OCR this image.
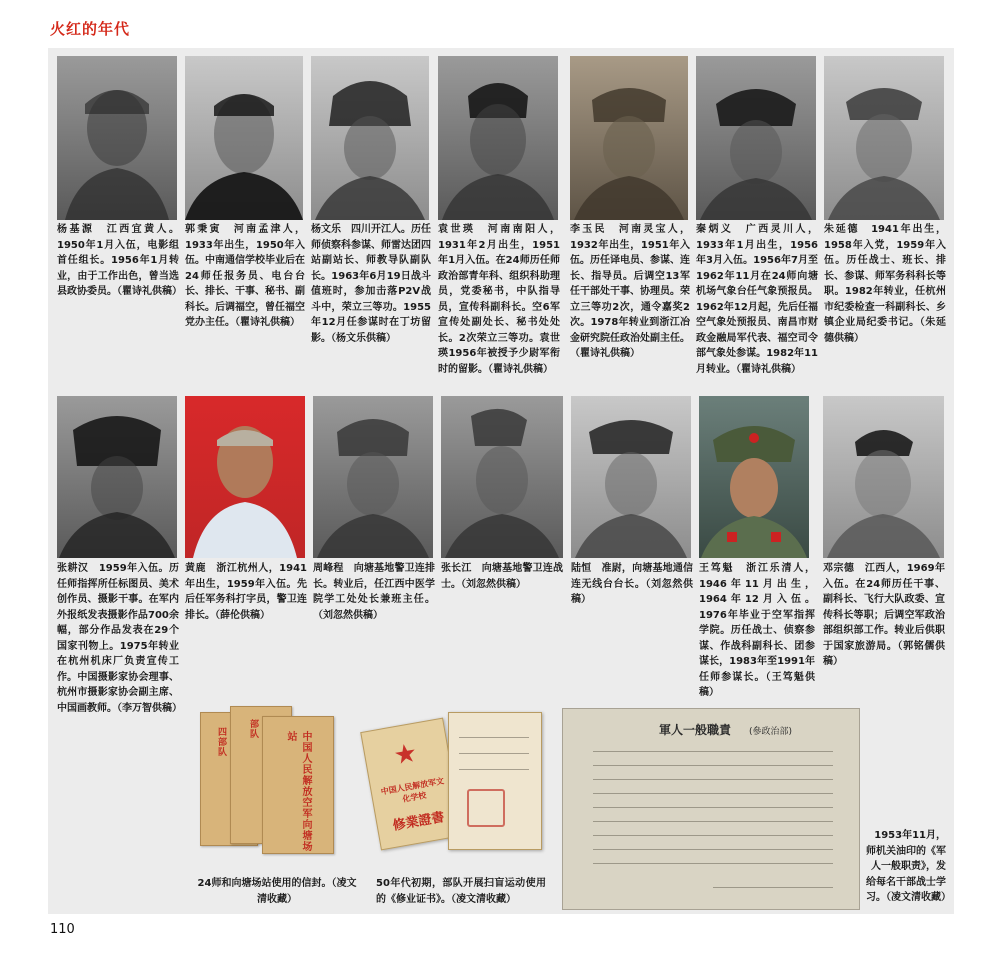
火红的年代

杨基源　江西宜黄人。1950年1月入伍，电影组首任组长。1956年1月转业，由于工作出色，曾当选县政协委员。（瞿诗礼供稿）

郭秉寅　河南孟津人，1933年出生，1950年入伍。中南通信学校毕业后在24师任报务员、电台台长、排长、干事、秘书、副科长。后调福空，曾任福空党办主任。（瞿诗礼供稿）

杨文乐　四川开江人。历任师侦察科参谋、师雷达团四站副站长、师教导队副队长。1963年6月19日战斗值班时，参加击落P2V战斗中，荣立三等功。1955年12月任参谋时在丁坊留影。（杨文乐供稿）

袁世瑛　河南南阳人，1931年2月出生，1951年1月入伍。在24师历任师政治部青年科、组织科助理员，党委秘书，中队指导员，宣传科副科长。空6军宣传处副处长、秘书处处长。2次荣立三等功。袁世瑛1956年被授予少尉军衔时的留影。（瞿诗礼供稿）

李玉民　河南灵宝人，1932年出生，1951年入伍。历任译电员、参谋、连长、指导员。后调空13军任干部处干事、协理员。荣立三等功2次，通令嘉奖2次。1978年转业到浙江冶金研究院任政治处副主任。（瞿诗礼供稿）

秦炳义　广西灵川人，1933年1月出生，1956年3月入伍。1956年7月至1962年11月在24师向塘机场气象台任气象预报员。1962年12月起，先后任福空气象处预报员、南昌市财政金融局军代表、福空司令部气象处参谋。1982年11月转业。（瞿诗礼供稿）

朱延德　1941年出生，1958年入党，1959年入伍。历任战士、班长、排长、参谋、师军务科科长等职。1982年转业，任杭州市纪委检查一科副科长、乡镇企业局纪委书记。（朱延德供稿）

张耕汉　1959年入伍。历任师指挥所任标图员、美术创作员、摄影干事。在军内外报纸发表摄影作品700余幅，部分作品发表在29个国家刊物上。1975年转业在杭州机床厂负责宣传工作。中国摄影家协会理事、杭州市摄影家协会副主席、中国画教师。（李万智供稿）

黄鹿　浙江杭州人，1941年出生，1959年入伍。先后任军务科打字员，警卫连排长。（薛伦供稿）

周峰程　向塘基地警卫连排长。转业后，任江西中医学院学工处处长兼班主任。（刘忽然供稿）

张长江　向塘基地警卫连战士。（刘忽然供稿）

陆恒　准尉，向塘基地通信连无线台台长。（刘忽然供稿）

王笃魁　浙江乐清人，1946年11月出生，1964年12月入伍。1976年毕业于空军指挥学院。历任战士、侦察参谋、作战科副科长、团参谋长，1983年至1991年任师参谋长。（王笃魁供稿）

邓宗德　江西人，1969年入伍。在24师历任干事、副科长、飞行大队政委、宣传科长等职；后调空军政治部组织部工作。转业后供职于国家旅游局。（郭铭儒供稿）

四部队
部队	中国人民解放空军向塘场站

24师和向塘场站使用的信封。（凌文清收藏）

★
中国人民解放军文化学校
修業證書

50年代初期，部队开展扫盲运动使用的《修业证书》。（凌文清收藏）

軍人一般職責 (參政治部)

1953年11月，师机关油印的《军人一般职责》，发给每名干部战士学习。（凌文清收藏）

110
